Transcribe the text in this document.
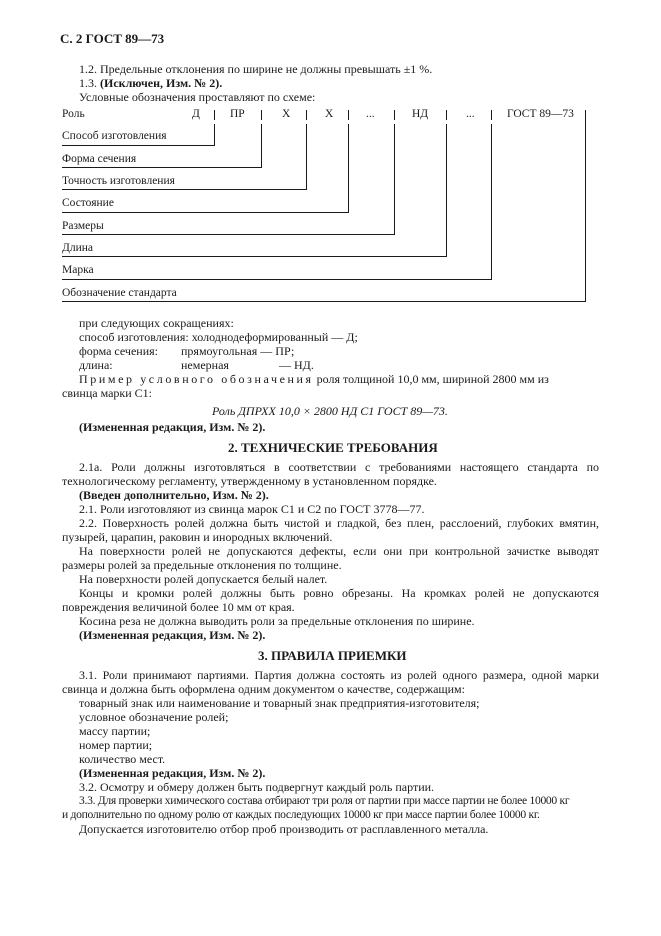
С. 2 ГОСТ 89—73
1.2. Предельные отклонения по ширине не должны превышать ±1 %.
1.3. (Исключен, Изм. № 2).
Условные обозначения проставляют по схеме:
Роль	Д	ПР	Х	Х	...	НД	...	ГОСТ 89—73
Способ изготовления
Форма сечения
Точность изготовления
Состояние
Размеры
Длина
Марка
Обозначение стандарта
при следующих сокращениях:
способ изготовления: холоднодеформированный — Д;
форма сечения: прямоугольная — ПР;
длина:	немерная	— НД.
Пример условного обозначения роля толщиной 10,0 мм, шириной 2800 мм из
свинца марки С1:
Роль ДПРХХ 10,0 × 2800 НД С1 ГОСТ 89—73.
(Измененная редакция, Изм. № 2).
2. ТЕХНИЧЕСКИЕ ТРЕБОВАНИЯ
2.1а. Роли должны изготовляться в соответствии с требованиями настоящего стандарта по
технологическому регламенту, утвержденному в установленном порядке.
(Введен дополнительно, Изм. № 2).
2.1. Роли изготовляют из свинца марок С1 и С2 по ГОСТ 3778—77.
2.2. Поверхность ролей должна быть чистой и гладкой, без плен, расслоений, глубоких вмятин,
пузырей, царапин, раковин и инородных включений.
На поверхности ролей не допускаются дефекты, если они при контрольной зачистке выводят
размеры ролей за предельные отклонения по толщине.
На поверхности ролей допускается белый налет.
Концы и кромки ролей должны быть ровно обрезаны. На кромках ролей не допускаются
повреждения величиной более 10 мм от края.
Косина реза не должна выводить роли за предельные отклонения по ширине.
(Измененная редакция, Изм. № 2).
3. ПРАВИЛА ПРИЕМКИ
3.1. Роли принимают партиями. Партия должна состоять из ролей одного размера, одной марки
свинца и должна быть оформлена одним документом о качестве, содержащим:
товарный знак или наименование и товарный знак предприятия-изготовителя;
условное обозначение ролей;
массу партии;
номер партии;
количество мест.
(Измененная редакция, Изм. № 2).
3.2. Осмотру и обмеру должен быть подвергнут каждый роль партии.
3.3. Для проверки химического состава отбирают три роля от партии при массе партии не более 10000 кг
и дополнительно по одному ролю от каждых последующих 10000 кг при массе партии более 10000 кг.
Допускается изготовителю отбор проб производить от расплавленного металла.
